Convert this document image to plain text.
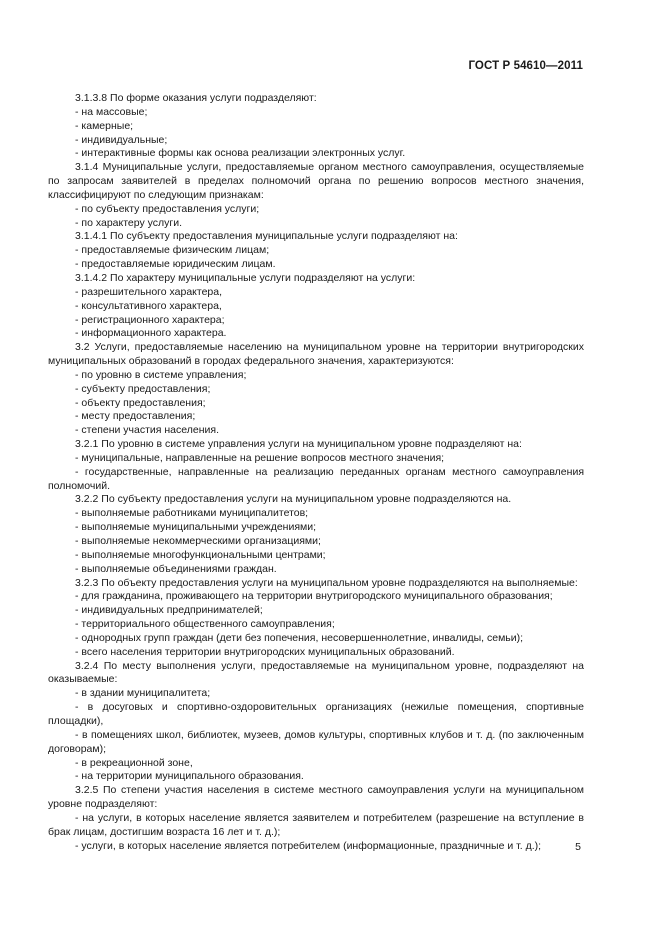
ГОСТ Р 54610—2011

3.1.3.8 По форме оказания услуги подразделяют:

- на массовые;

- камерные;

- индивидуальные;

- интерактивные формы как основа реализации электронных услуг.

3.1.4 Муниципальные услуги, предоставляемые органом местного самоуправления, осуществляемые по запросам заявителей в пределах полномочий органа по решению вопросов местного значения, классифицируют по следующим признакам:

- по субъекту предоставления услуги;

- по характеру услуги.

3.1.4.1 По субъекту предоставления муниципальные услуги подразделяют на:

- предоставляемые физическим лицам;

- предоставляемые юридическим лицам.

3.1.4.2 По характеру муниципальные услуги подразделяют на услуги:

- разрешительного характера,

- консультативного характера,

- регистрационного характера;

- информационного характера.

3.2 Услуги, предоставляемые населению на муниципальном уровне на территории внутригородских муниципальных образований в городах федерального значения, характеризуются:

- по уровню в системе управления;

- субъекту предоставления;

- объекту предоставления;

- месту предоставления;

- степени участия населения.

3.2.1 По уровню в системе управления услуги на муниципальном уровне подразделяют на:

- муниципальные, направленные на решение вопросов местного значения;

- государственные, направленные на реализацию переданных органам местного самоуправления полномочий.

3.2.2 По субъекту предоставления услуги на муниципальном уровне подразделяются на.

- выполняемые работниками муниципалитетов;

- выполняемые муниципальными учреждениями;

- выполняемые некоммерческими организациями;

- выполняемые многофункциональными центрами;

- выполняемые объединениями граждан.

3.2.3 По объекту предоставления услуги на муниципальном уровне подразделяются на выполняемые:

- для гражданина, проживающего на территории внутригородского муниципального образования;

- индивидуальных предпринимателей;

- территориального общественного самоуправления;

- однородных групп граждан (дети без попечения, несовершеннолетние, инвалиды, семьи);

- всего населения территории внутригородских муниципальных образований.

3.2.4 По месту выполнения услуги, предоставляемые на муниципальном уровне, подразделяют на оказываемые:

- в здании муниципалитета;

- в досуговых и спортивно-оздоровительных организациях (нежилые помещения, спортивные площадки),

- в помещениях школ, библиотек, музеев, домов культуры, спортивных клубов и т. д. (по заключенным договорам);

- в рекреационной зоне,

- на территории муниципального образования.

3.2.5 По степени участия населения в системе местного самоуправления услуги на муниципальном уровне подразделяют:

- на услуги, в которых население является заявителем и потребителем (разрешение на вступление в брак лицам, достигшим возраста 16 лет и т. д.);

- услуги, в которых население является потребителем (информационные, праздничные и т. д.);	5
